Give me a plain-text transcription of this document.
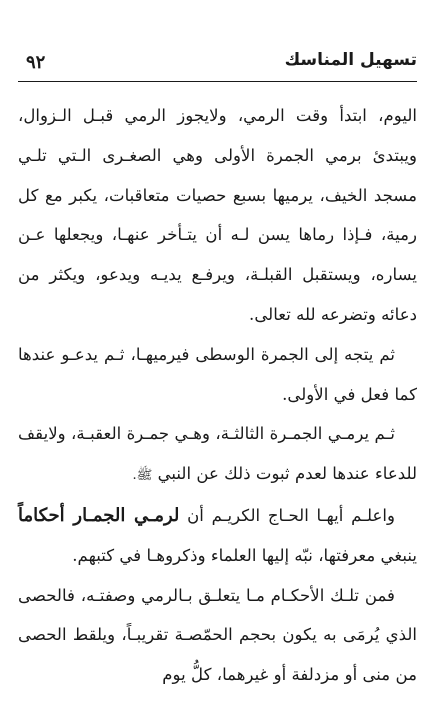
٩٢	تسهيل المناسك

اليوم، ابتدأ وقت الرمي، ولايجوز الرمي قبـل الـزوال، ويبتدئ برمي الجمرة الأولى وهي الصغـرى الـتي تلـي مسجد الخيف، يرميها بسبع حصيات متعاقبات، يكبر مع كل رمية، فـإذا رماها يسن لـه أن يتـأخر عنهـا، ويجعلها عـن يساره، ويستقبل القبلـة، ويرفـع يديـه ويدعو، ويكثر من دعائه وتضرعه لله تعالى.

ثم يتجه إلى الجمرة الوسطى فيرميهـا، ثـم يدعـو عندها كما فعل في الأولى.

ثـم يرمـي الجمـرة الثالثـة، وهـي جمـرة العقبـة، ولايقف للدعاء عندها لعدم ثبوت ذلك عن النبي ﷺ.

واعلـم أيهـا الحـاج الكريـم أن لرمـي الجمـار أحكاماً ينبغي معرفتها، نبّه إليها العلماء وذكروهـا في كتبهم.

فمن تلـك الأحكـام مـا يتعلـق بـالرمي وصفتـه، فالحصى الذي يُرمَى به يكون بحجم الحمّصـة تقريبـاً، ويلقط الحصى من منى أو مزدلفة أو غيرهما، كلُّ يوم
